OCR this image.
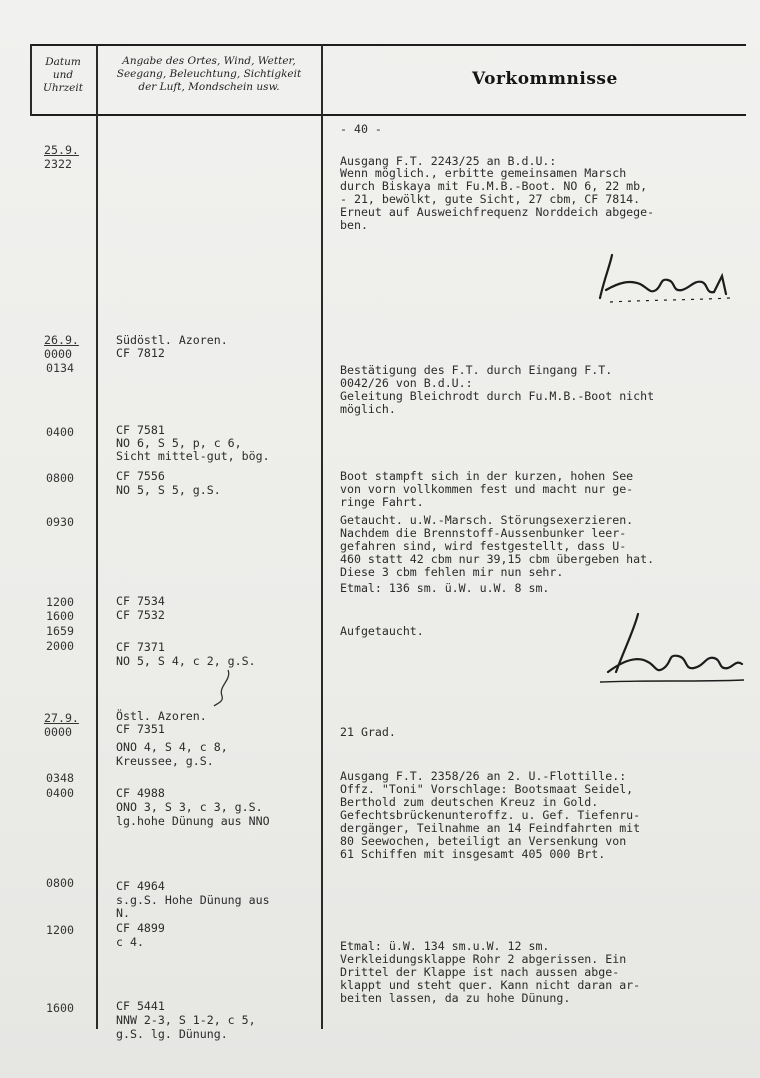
Datum
und
Uhrzeit
Angabe des Ortes, Wind, Wetter,
Seegang, Beleuchtung, Sichtigkeit
der Luft, Mondschein usw.	Vorkommnisse
- 40 -
25.9.
2322
26.9.
0000
0134
0400
0800
0930
1200
1600
1659
2000
27.9.
0000
0348
0400
0800
1200
1600
Südöstl. Azoren.
CF 7812
CF 7581
NO 6, S 5, p, c 6,
Sicht mittel-gut, bög.
CF 7556
NO 5, S 5, g.S.
CF 7534
CF 7532
CF 7371
NO 5, S 4, c 2, g.S.
Östl. Azoren.
CF 7351
ONO 4, S 4, c 8,
Kreussee, g.S.
CF 4988
ONO 3, S 3, c 3, g.S.
lg.hohe Dünung aus NNO
CF 4964
s.g.S. Hohe Dünung aus
N.
CF 4899
c 4.
CF 5441
NNW 2-3, S 1-2, c 5,
g.S. lg. Dünung.
Ausgang F.T. 2243/25 an B.d.U.:
Wenn möglich., erbitte gemeinsamen Marsch
durch Biskaya mit Fu.M.B.-Boot. NO 6, 22 mb,
- 21, bewölkt, gute Sicht, 27 cbm, CF 7814.
Erneut auf Ausweichfrequenz Norddeich abgege-
ben.
Bestätigung des F.T. durch Eingang F.T.
0042/26 von B.d.U.:
Geleitung Bleichrodt durch Fu.M.B.-Boot nicht
möglich.
Boot stampft sich in der kurzen, hohen See
von vorn vollkommen fest und macht nur ge-
ringe Fahrt.
Getaucht. u.W.-Marsch. Störungsexerzieren.
Nachdem die Brennstoff-Aussenbunker leer-
gefahren sind, wird festgestellt, dass U-
460 statt 42 cbm nur 39,15 cbm übergeben hat.
Diese 3 cbm fehlen mir nun sehr.
Etmal: 136 sm. ü.W. u.W. 8 sm.
Aufgetaucht.
21 Grad.
Ausgang F.T. 2358/26 an 2. U.-Flottille.:
Offz. "Toni" Vorschlage: Bootsmaat Seidel,
Berthold zum deutschen Kreuz in Gold.
Gefechtsbrückenunteroffz. u. Gef. Tiefenru-
dergänger, Teilnahme an 14 Feindfahrten mit
80 Seewochen, beteiligt an Versenkung von
61 Schiffen mit insgesamt 405 000 Brt.
Etmal: ü.W. 134 sm.u.W. 12 sm.
Verkleidungsklappe Rohr 2 abgerissen. Ein
Drittel der Klappe ist nach aussen abge-
klappt und steht quer. Kann nicht daran ar-
beiten lassen, da zu hohe Dünung.
